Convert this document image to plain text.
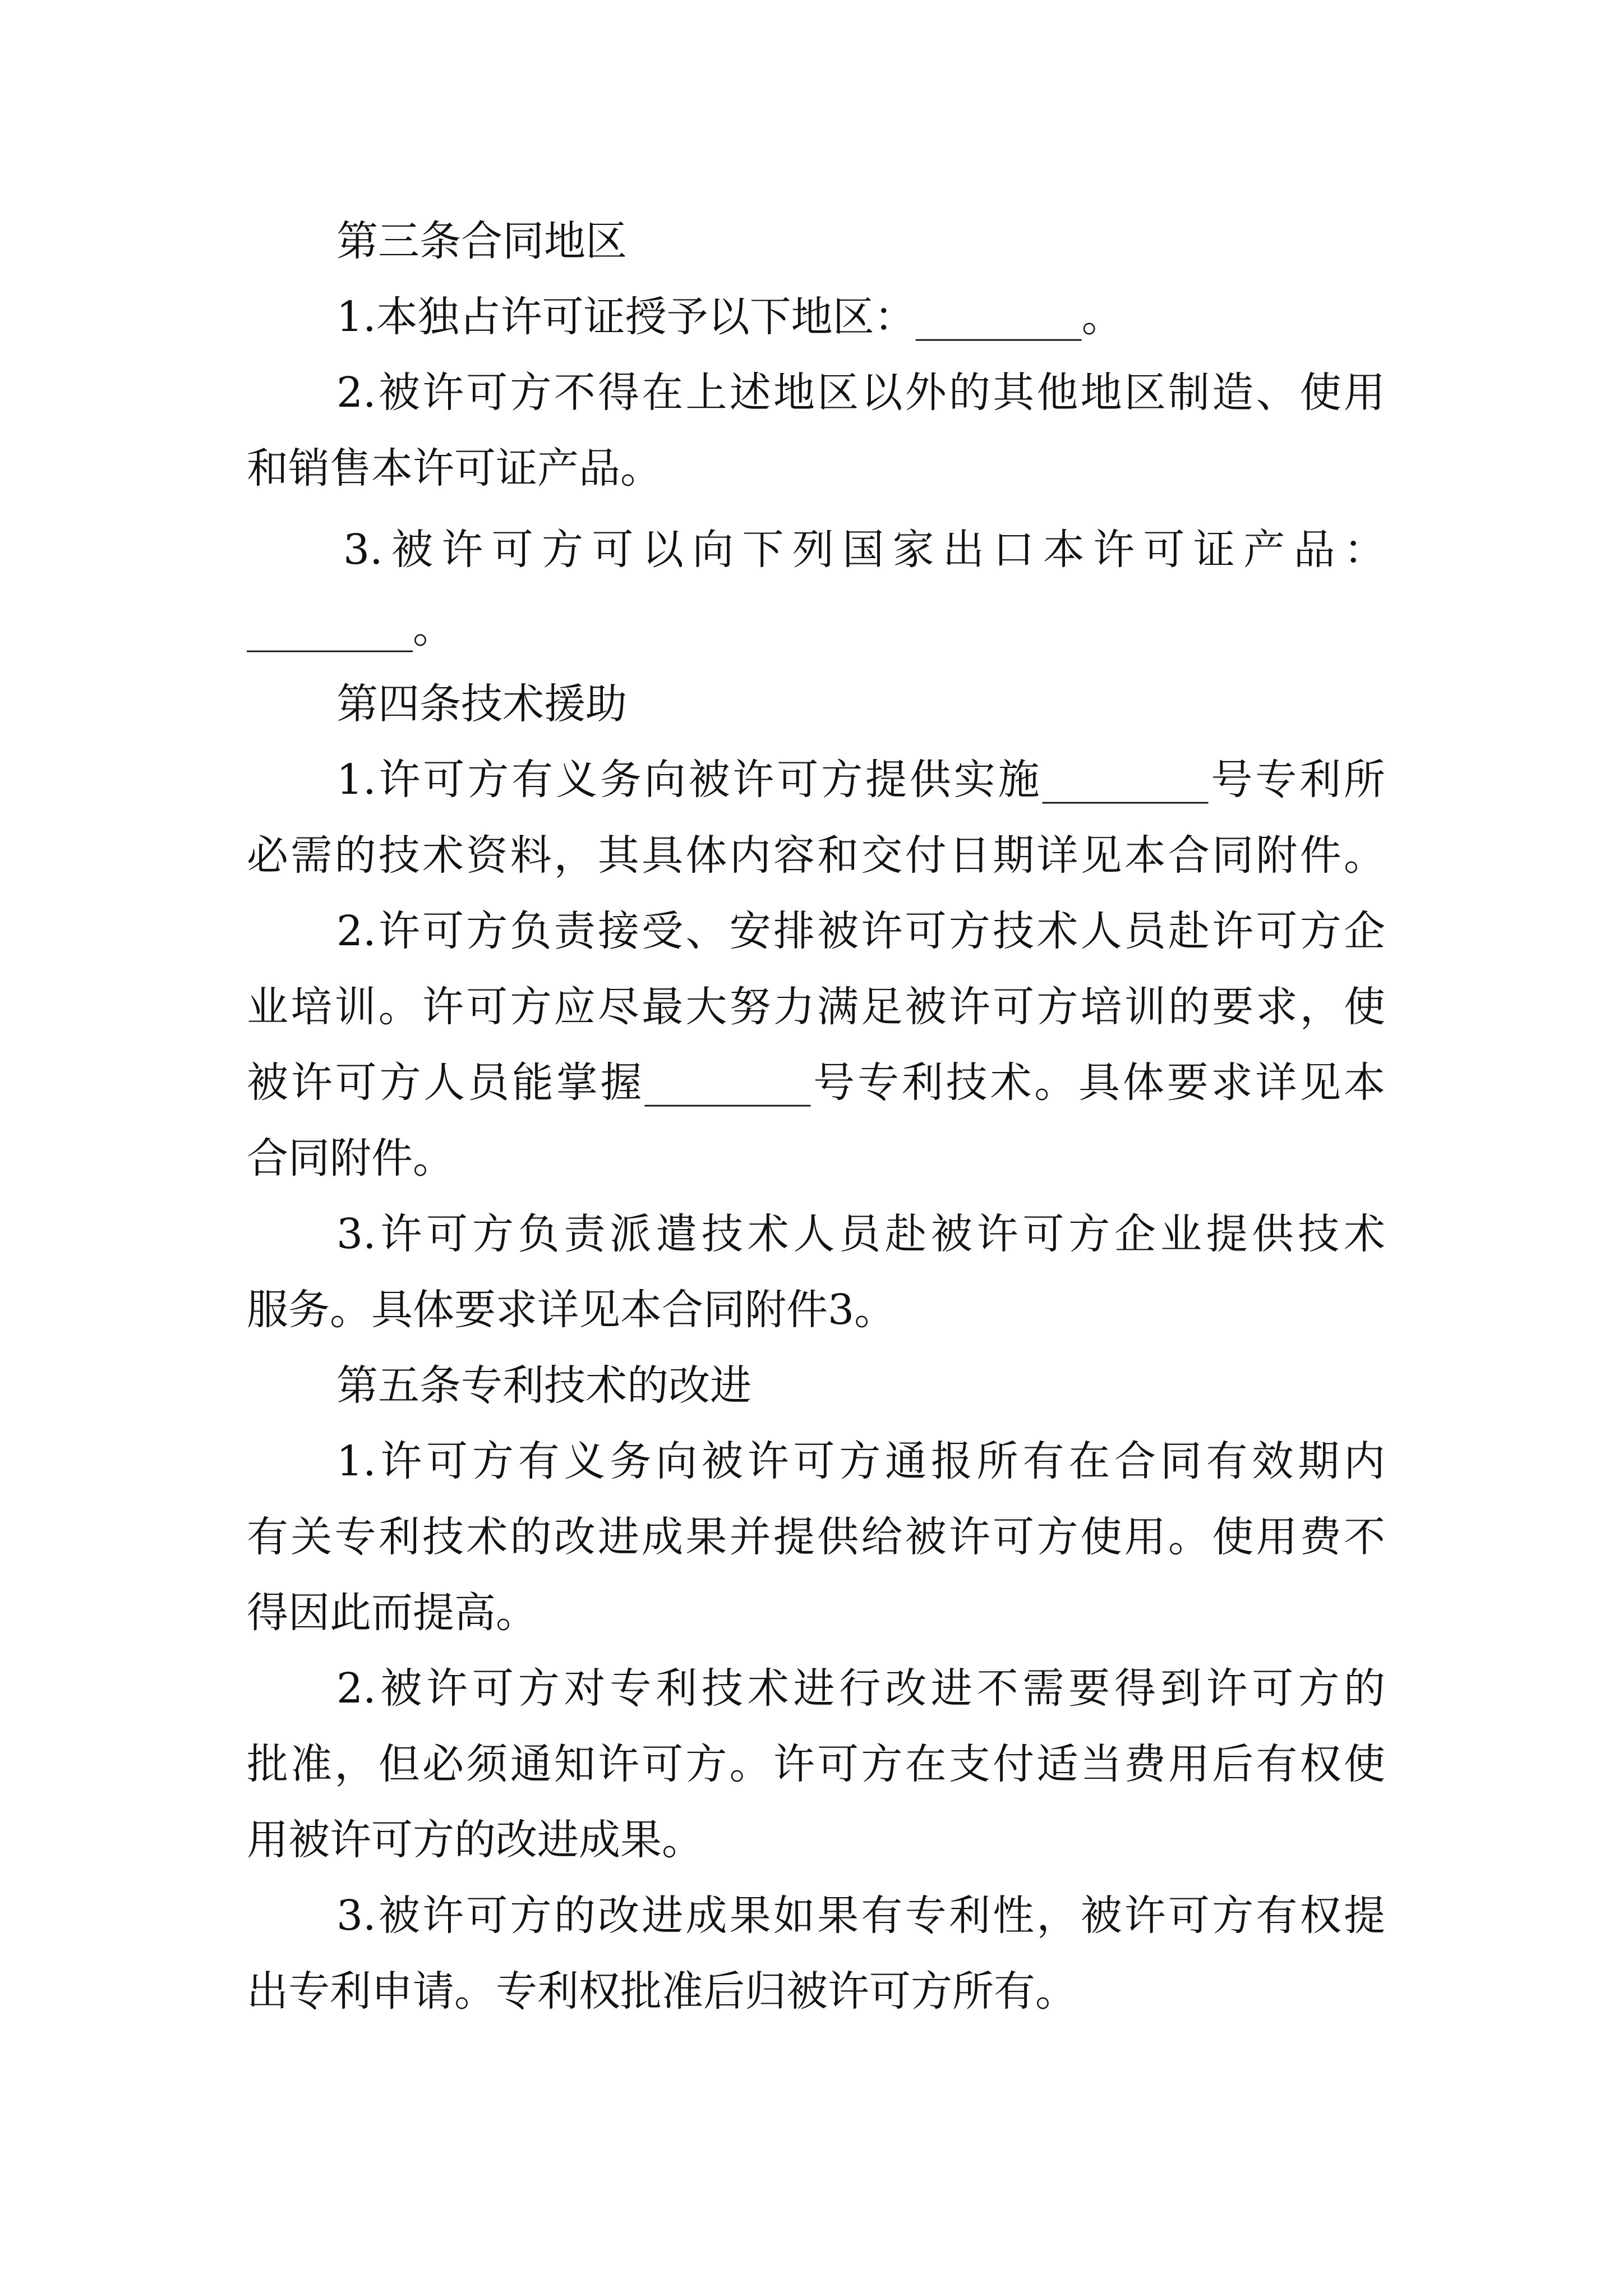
第三条合同地区
1.本独占许可证授予以下地区：________。
2.被许可方不得在上述地区以外的其他地区制造、使用
和销售本许可证产品。
3.被许可方可以向下列国家出口本许可证产品：
________。
第四条技术援助
1.许可方有义务向被许可方提供实施________号专利所
必需的技术资料，其具体内容和交付日期详见本合同附件。
2.许可方负责接受、安排被许可方技术人员赴许可方企
业培训。许可方应尽最大努力满足被许可方培训的要求，使
被许可方人员能掌握________号专利技术。具体要求详见本
合同附件。
3.许可方负责派遣技术人员赴被许可方企业提供技术
服务。具体要求详见本合同附件3。
第五条专利技术的改进
1.许可方有义务向被许可方通报所有在合同有效期内
有关专利技术的改进成果并提供给被许可方使用。使用费不
得因此而提高。
2.被许可方对专利技术进行改进不需要得到许可方的
批准，但必须通知许可方。许可方在支付适当费用后有权使
用被许可方的改进成果。
3.被许可方的改进成果如果有专利性，被许可方有权提
出专利申请。专利权批准后归被许可方所有。
